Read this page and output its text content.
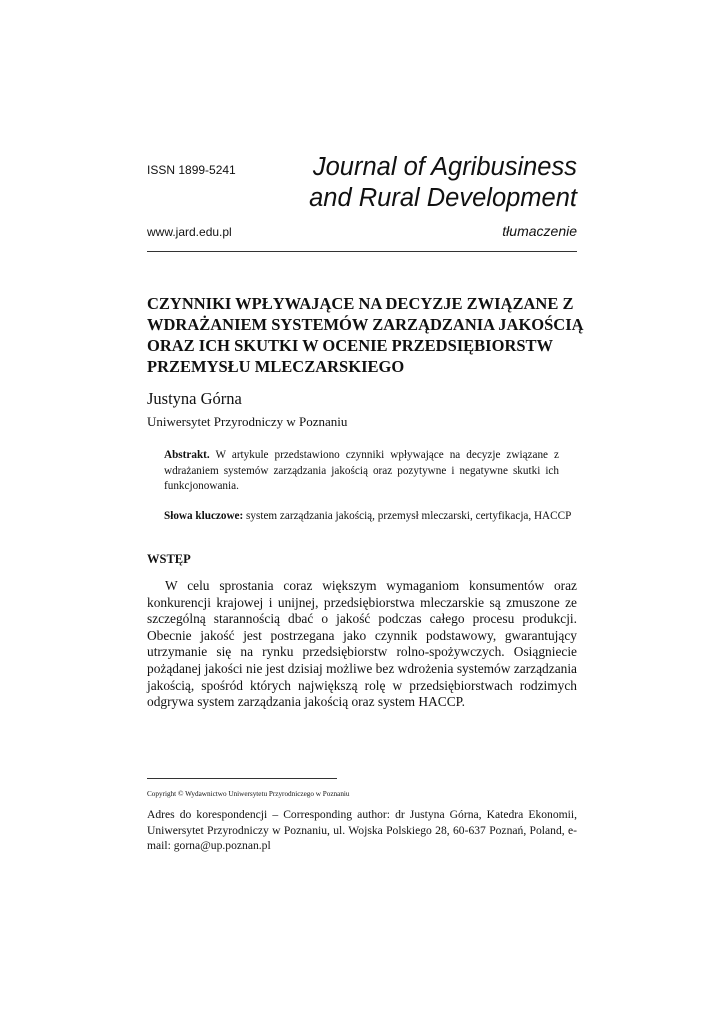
ISSN 1899-5241	Journal of Agribusiness
and Rural Development
www.jard.edu.pl	tłumaczenie
CZYNNIKI WPŁYWAJĄCE NA DECYZJE ZWIĄZANE Z WDRAŻANIEM SYSTEMÓW ZARZĄDZANIA JAKOŚCIĄ ORAZ ICH SKUTKI W OCENIE PRZEDSIĘBIORSTW PRZEMYSŁU MLECZARSKIEGO
Justyna Górna
Uniwersytet Przyrodniczy w Poznaniu
Abstrakt. W artykule przedstawiono czynniki wpływające na decyzje związane z wdrażaniem systemów zarządzania jakością oraz pozytywne i negatywne skutki ich funkcjonowania.
Słowa kluczowe: system zarządzania jakością, przemysł mleczarski, certyfikacja, HACCP
WSTĘP
W celu sprostania coraz większym wymaganiom konsumentów oraz konkurencji krajowej i unijnej, przedsiębiorstwa mleczarskie są zmuszone ze szczególną starannością dbać o jakość podczas całego procesu produkcji. Obecnie jakość jest postrzegana jako czynnik podstawowy, gwarantujący utrzymanie się na rynku przedsiębiorstw rolno-spożywczych. Osiągniecie pożądanej jakości nie jest dzisiaj możliwe bez wdrożenia systemów zarządzania jakością, spośród których największą rolę w przedsiębiorstwach rodzimych odgrywa system zarządzania jakością oraz system HACCP.
Copyright © Wydawnictwo Uniwersytetu Przyrodniczego w Poznaniu
Adres do korespondencji – Corresponding author: dr Justyna Górna, Katedra Ekonomii, Uniwersytet Przyrodniczy w Poznaniu, ul. Wojska Polskiego 28, 60-637 Poznań, Poland, e-mail: gorna@up.poznan.pl
